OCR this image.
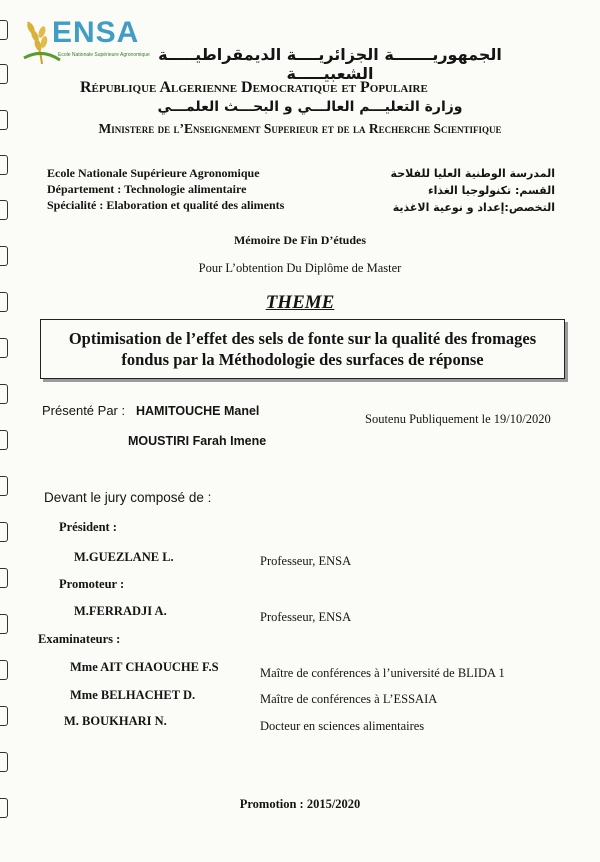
ENSA
Ecole Nationale Supérieure Agronomique الجمهوريـــــــة الجزائريــــة الديمقراطيـــــة الشعبيـــــة
République Algerienne Democratique et Populaire
وزارة التعليـــم العالـــي و البحـــث العلمـــي
Ministere de l’Enseignement Superieur et de la Recherche Scientifique
Ecole Nationale Supérieure Agronomique
Département : Technologie alimentaire
Spécialité : Elaboration et qualité des aliments
المدرسة الوطنية العليا للفلاحة
القسم: تكنولوجيا الغذاء
التخصص:إعداد و نوعية الاغذية
Mémoire De Fin D’études
Pour L’obtention Du Diplôme de Master
THEME
Optimisation de l’effet des sels de fonte sur la qualité des fromages
fondus par la Méthodologie des surfaces de réponse
Présenté Par : HAMITOUCHE Manel
MOUSTIRI Farah Imene
Soutenu Publiquement le 19/10/2020
Devant le jury composé de :
Président :
M.GUEZLANE L.	Professeur, ENSA
Promoteur :
M.FERRADJI A.	Professeur, ENSA
Examinateurs :
Mme AIT CHAOUCHE F.S	Maître de conférences à l’université de BLIDA 1
Mme BELHACHET D.	Maître de conférences à L’ESSAIA
M. BOUKHARI N.	Docteur en sciences alimentaires
Promotion : 2015/2020
